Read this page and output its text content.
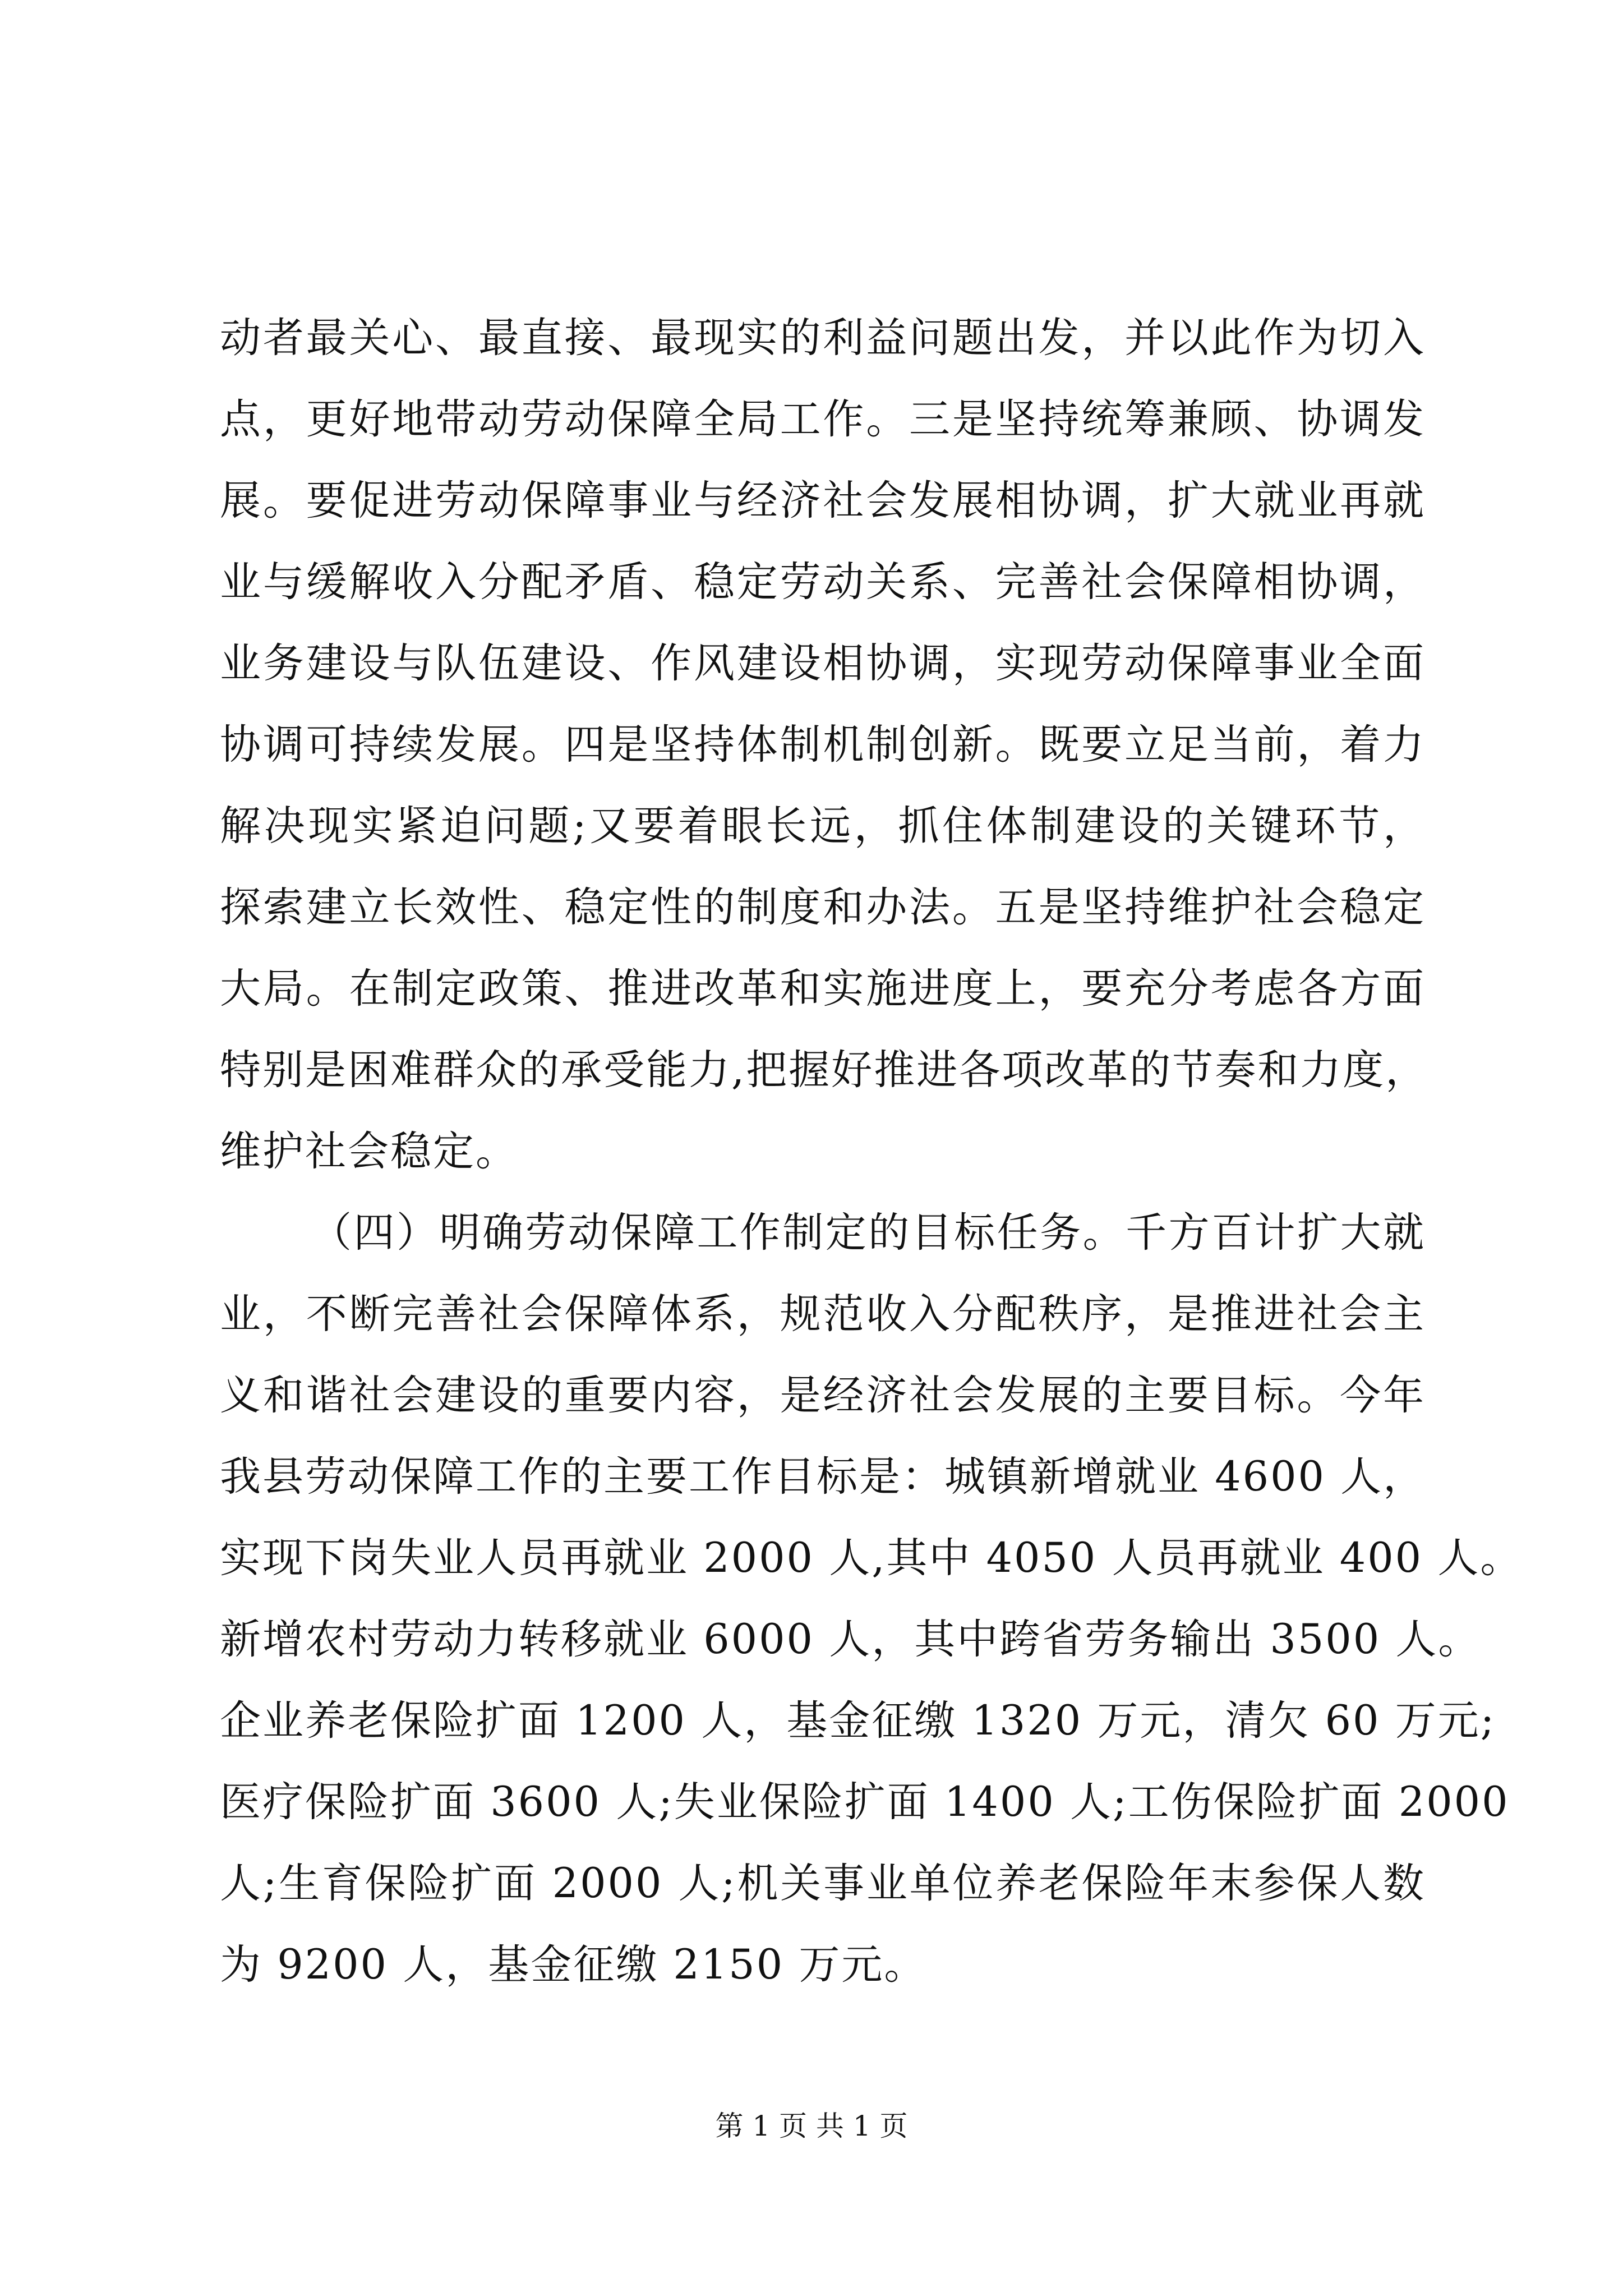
动者最关心、最直接、最现实的利益问题出发，并以此作为切入
点，更好地带动劳动保障全局工作。三是坚持统筹兼顾、协调发
展。要促进劳动保障事业与经济社会发展相协调，扩大就业再就
业与缓解收入分配矛盾、稳定劳动关系、完善社会保障相协调，
业务建设与队伍建设、作风建设相协调，实现劳动保障事业全面
协调可持续发展。四是坚持体制机制创新。既要立足当前，着力
解决现实紧迫问题;又要着眼长远，抓住体制建设的关键环节，
探索建立长效性、稳定性的制度和办法。五是坚持维护社会稳定
大局。在制定政策、推进改革和实施进度上，要充分考虑各方面
特别是困难群众的承受能力,把握好推进各项改革的节奏和力度，
维护社会稳定。
（四）明确劳动保障工作制定的目标任务。千方百计扩大就
业，不断完善社会保障体系，规范收入分配秩序，是推进社会主
义和谐社会建设的重要内容，是经济社会发展的主要目标。今年
我县劳动保障工作的主要工作目标是：城镇新增就业 4600 人，
实现下岗失业人员再就业 2000 人,其中 4050 人员再就业 400 人。
新增农村劳动力转移就业 6000 人，其中跨省劳务输出 3500 人。
企业养老保险扩面 1200 人，基金征缴 1320 万元，清欠 60 万元;
医疗保险扩面 3600 人;失业保险扩面 1400 人;工伤保险扩面 2000
人;生育保险扩面 2000 人;机关事业单位养老保险年末参保人数
为 9200 人，基金征缴 2150 万元。
第 1 页 共 1 页
